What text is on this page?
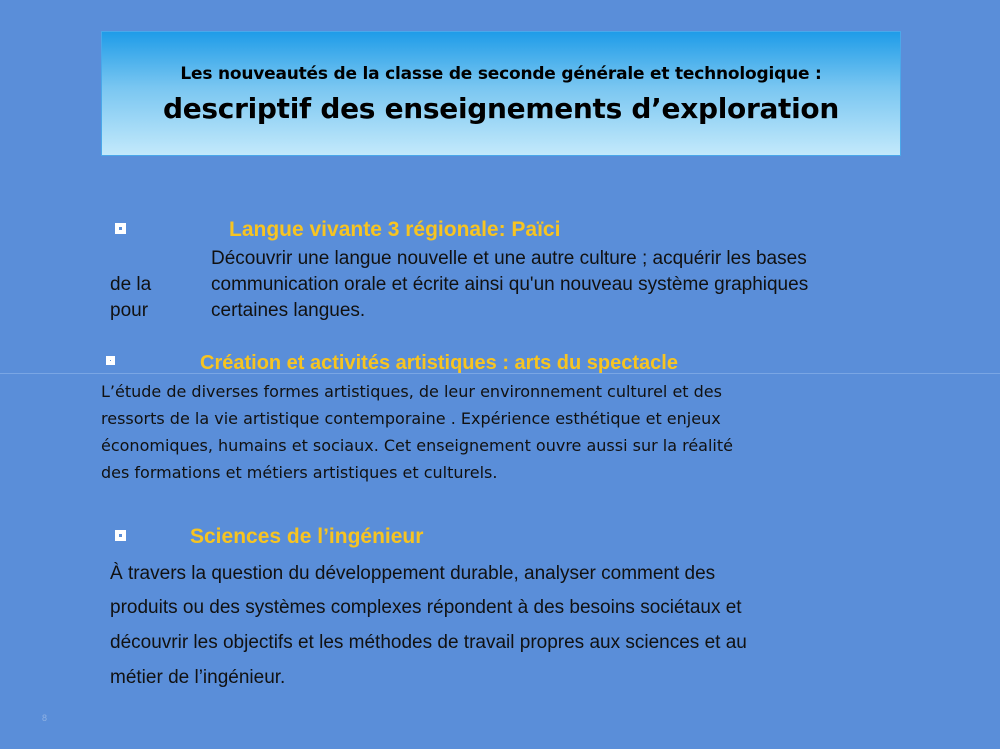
Les nouveautés de la classe de seconde générale et technologique :
descriptif des enseignements d’exploration
Langue vivante 3 régionale: Païci
Découvrir une langue nouvelle et une autre culture ; acquérir les bases
de la	communication orale et écrite ainsi qu'un nouveau système graphiques
pour	certaines langues.
Création et activités artistiques : arts du spectacle
L’étude de diverses formes artistiques, de leur environnement culturel et des
ressorts de la vie artistique contemporaine . Expérience esthétique et enjeux
économiques, humains et sociaux. Cet enseignement ouvre aussi sur la réalité
des formations et métiers artistiques et culturels.
Sciences de l’ingénieur
À travers la question du développement durable, analyser comment des
produits ou des systèmes complexes répondent à des besoins sociétaux et
découvrir les objectifs et les méthodes de travail propres aux sciences et au
métier de l’ingénieur.
8
